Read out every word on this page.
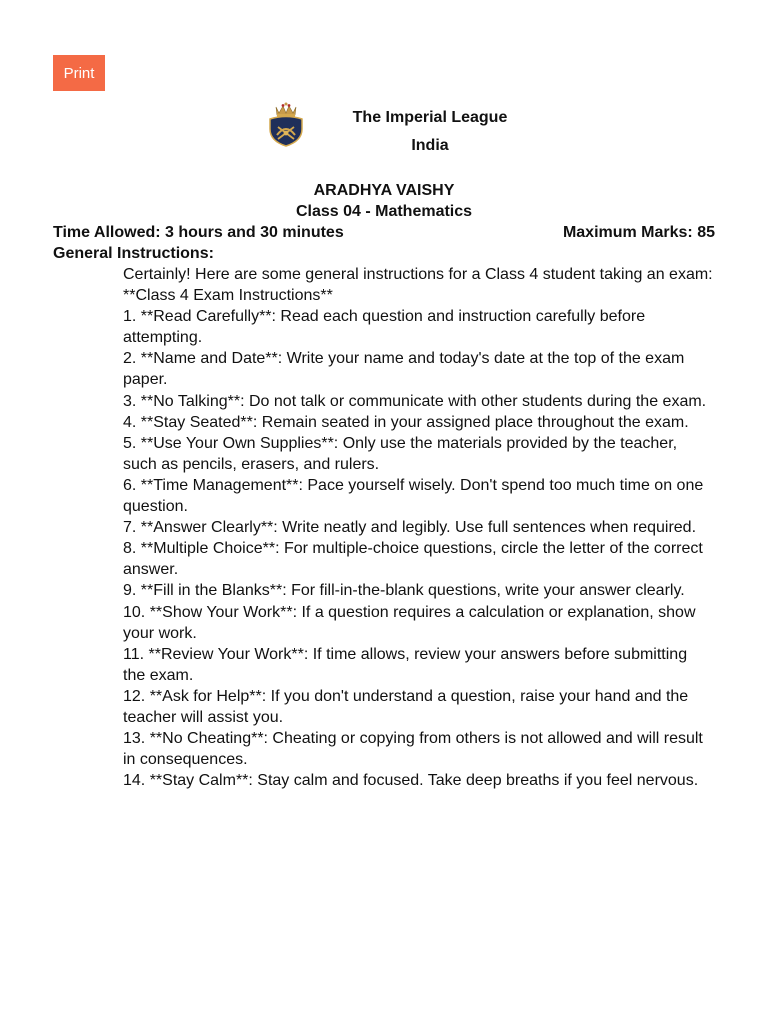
Print
The Imperial League
India
ARADHYA VAISHY
Class 04 - Mathematics
Time Allowed: 3 hours and 30 minutes	Maximum Marks: 85
General Instructions:

Certainly! Here are some general instructions for a Class 4 student taking an exam:

**Class 4 Exam Instructions**

1. **Read Carefully**: Read each question and instruction carefully before attempting.

2. **Name and Date**: Write your name and today's date at the top of the exam paper.

3. **No Talking**: Do not talk or communicate with other students during the exam.

4. **Stay Seated**: Remain seated in your assigned place throughout the exam.

5. **Use Your Own Supplies**: Only use the materials provided by the teacher, such as pencils, erasers, and rulers.

6. **Time Management**: Pace yourself wisely. Don't spend too much time on one question.

7. **Answer Clearly**: Write neatly and legibly. Use full sentences when required.

8. **Multiple Choice**: For multiple-choice questions, circle the letter of the correct answer.

9. **Fill in the Blanks**: For fill-in-the-blank questions, write your answer clearly.

10. **Show Your Work**: If a question requires a calculation or explanation, show your work.

11. **Review Your Work**: If time allows, review your answers before submitting the exam.

12. **Ask for Help**: If you don't understand a question, raise your hand and the teacher will assist you.

13. **No Cheating**: Cheating or copying from others is not allowed and will result in consequences.

14. **Stay Calm**: Stay calm and focused. Take deep breaths if you feel nervous.
